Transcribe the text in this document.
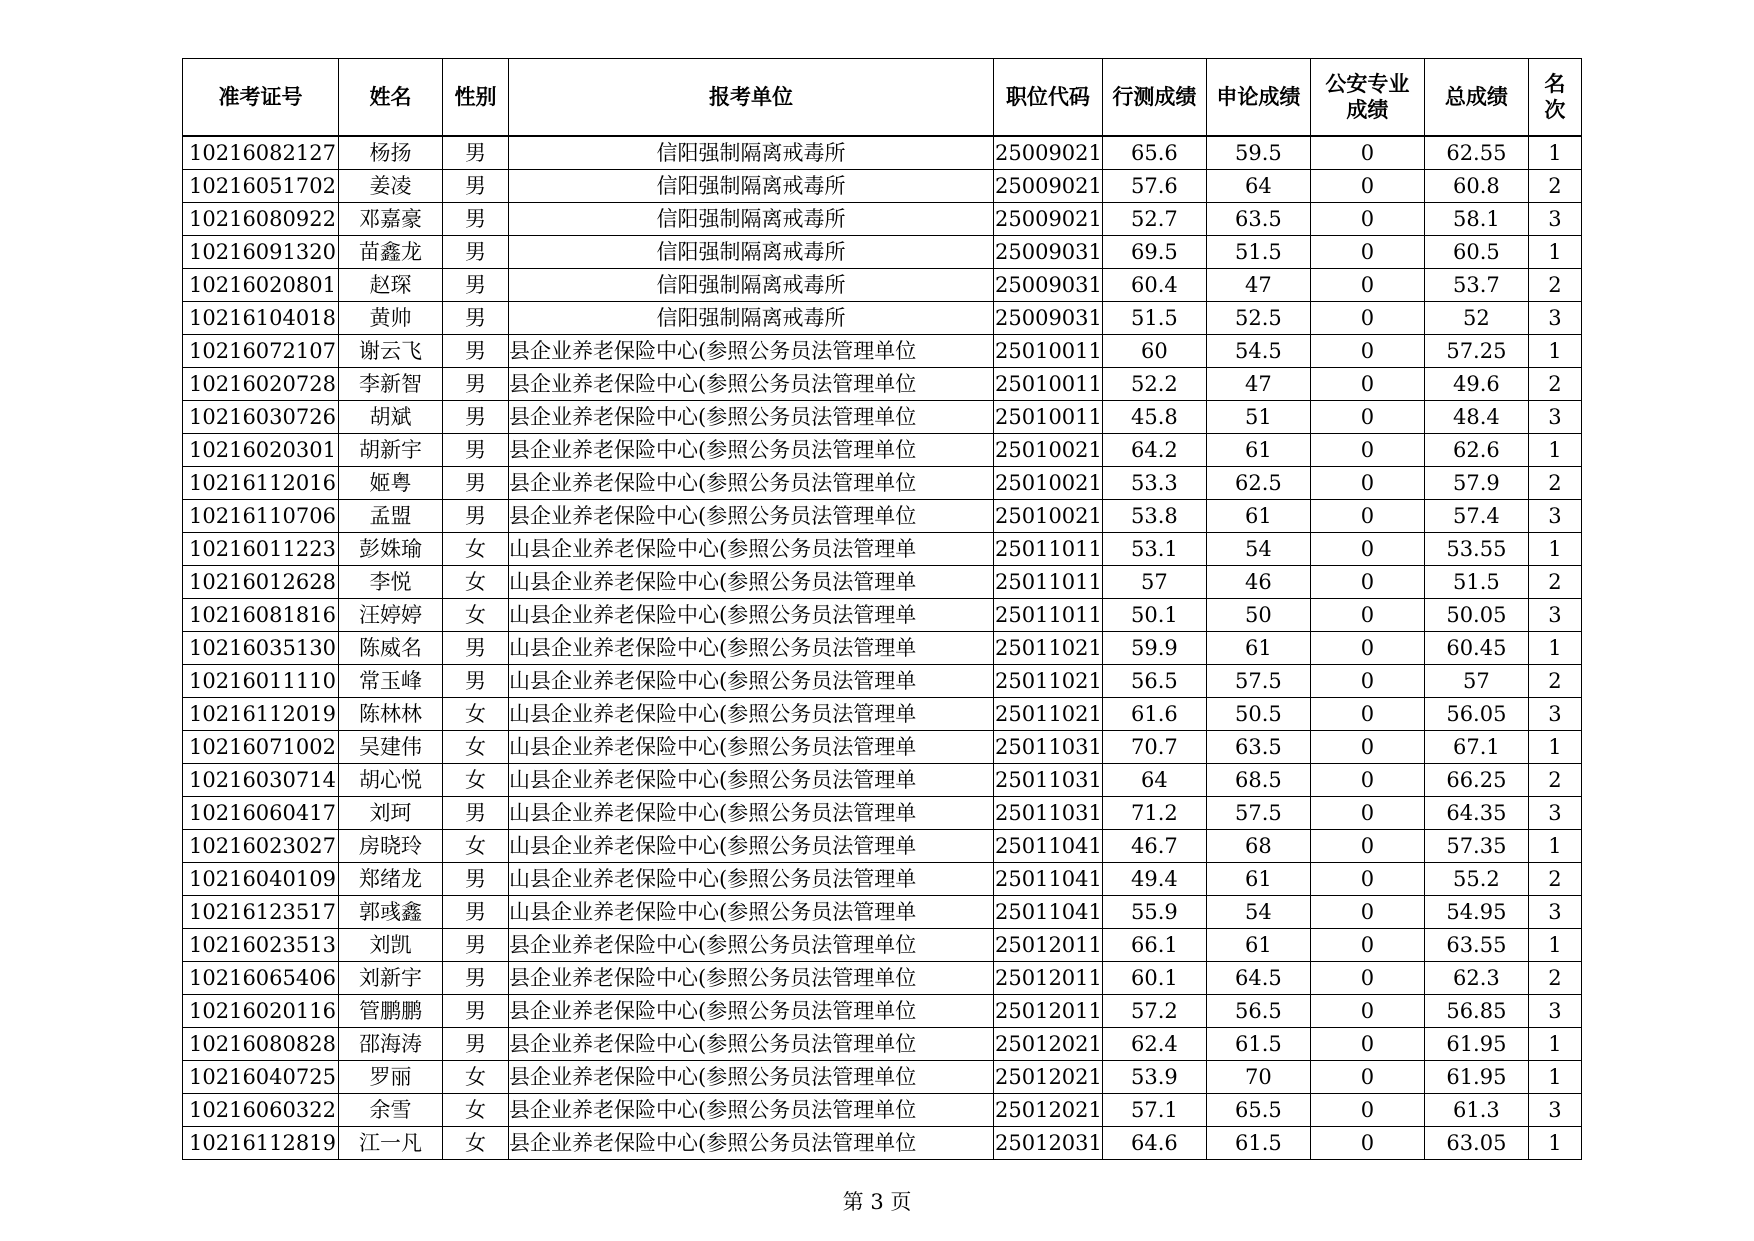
准考证号	姓名	性别	报考单位	职位代码	行测成绩	申论成绩	公安专业成绩	总成绩	名次
10216082127	杨扬	男	信阳强制隔离戒毒所	25009021	65.6	59.5	0	62.55	1
10216051702	姜凌	男	信阳强制隔离戒毒所	25009021	57.6	64	0	60.8	2
10216080922	邓嘉豪	男	信阳强制隔离戒毒所	25009021	52.7	63.5	0	58.1	3
10216091320	苗鑫龙	男	信阳强制隔离戒毒所	25009031	69.5	51.5	0	60.5	1
10216020801	赵琛	男	信阳强制隔离戒毒所	25009031	60.4	47	0	53.7	2
10216104018	黄帅	男	信阳强制隔离戒毒所	25009031	51.5	52.5	0	52	3
10216072107	谢云飞	男	县企业养老保险中心(参照公务员法管理单位	25010011	60	54.5	0	57.25	1
10216020728	李新智	男	县企业养老保险中心(参照公务员法管理单位	25010011	52.2	47	0	49.6	2
10216030726	胡斌	男	县企业养老保险中心(参照公务员法管理单位	25010011	45.8	51	0	48.4	3
10216020301	胡新宇	男	县企业养老保险中心(参照公务员法管理单位	25010021	64.2	61	0	62.6	1
10216112016	姬粤	男	县企业养老保险中心(参照公务员法管理单位	25010021	53.3	62.5	0	57.9	2
10216110706	孟盟	男	县企业养老保险中心(参照公务员法管理单位	25010021	53.8	61	0	57.4	3
10216011223	彭姝瑜	女	山县企业养老保险中心(参照公务员法管理单	25011011	53.1	54	0	53.55	1
10216012628	李悦	女	山县企业养老保险中心(参照公务员法管理单	25011011	57	46	0	51.5	2
10216081816	汪婷婷	女	山县企业养老保险中心(参照公务员法管理单	25011011	50.1	50	0	50.05	3
10216035130	陈威名	男	山县企业养老保险中心(参照公务员法管理单	25011021	59.9	61	0	60.45	1
10216011110	常玉峰	男	山县企业养老保险中心(参照公务员法管理单	25011021	56.5	57.5	0	57	2
10216112019	陈林林	女	山县企业养老保险中心(参照公务员法管理单	25011021	61.6	50.5	0	56.05	3
10216071002	吴建伟	女	山县企业养老保险中心(参照公务员法管理单	25011031	70.7	63.5	0	67.1	1
10216030714	胡心悦	女	山县企业养老保险中心(参照公务员法管理单	25011031	64	68.5	0	66.25	2
10216060417	刘珂	男	山县企业养老保险中心(参照公务员法管理单	25011031	71.2	57.5	0	64.35	3
10216023027	房晓玲	女	山县企业养老保险中心(参照公务员法管理单	25011041	46.7	68	0	57.35	1
10216040109	郑绪龙	男	山县企业养老保险中心(参照公务员法管理单	25011041	49.4	61	0	55.2	2
10216123517	郭彧鑫	男	山县企业养老保险中心(参照公务员法管理单	25011041	55.9	54	0	54.95	3
10216023513	刘凯	男	县企业养老保险中心(参照公务员法管理单位	25012011	66.1	61	0	63.55	1
10216065406	刘新宇	男	县企业养老保险中心(参照公务员法管理单位	25012011	60.1	64.5	0	62.3	2
10216020116	管鹏鹏	男	县企业养老保险中心(参照公务员法管理单位	25012011	57.2	56.5	0	56.85	3
10216080828	邵海涛	男	县企业养老保险中心(参照公务员法管理单位	25012021	62.4	61.5	0	61.95	1
10216040725	罗丽	女	县企业养老保险中心(参照公务员法管理单位	25012021	53.9	70	0	61.95	1
10216060322	余雪	女	县企业养老保险中心(参照公务员法管理单位	25012021	57.1	65.5	0	61.3	3
10216112819	江一凡	女	县企业养老保险中心(参照公务员法管理单位	25012031	64.6	61.5	0	63.05	1
第 3 页
